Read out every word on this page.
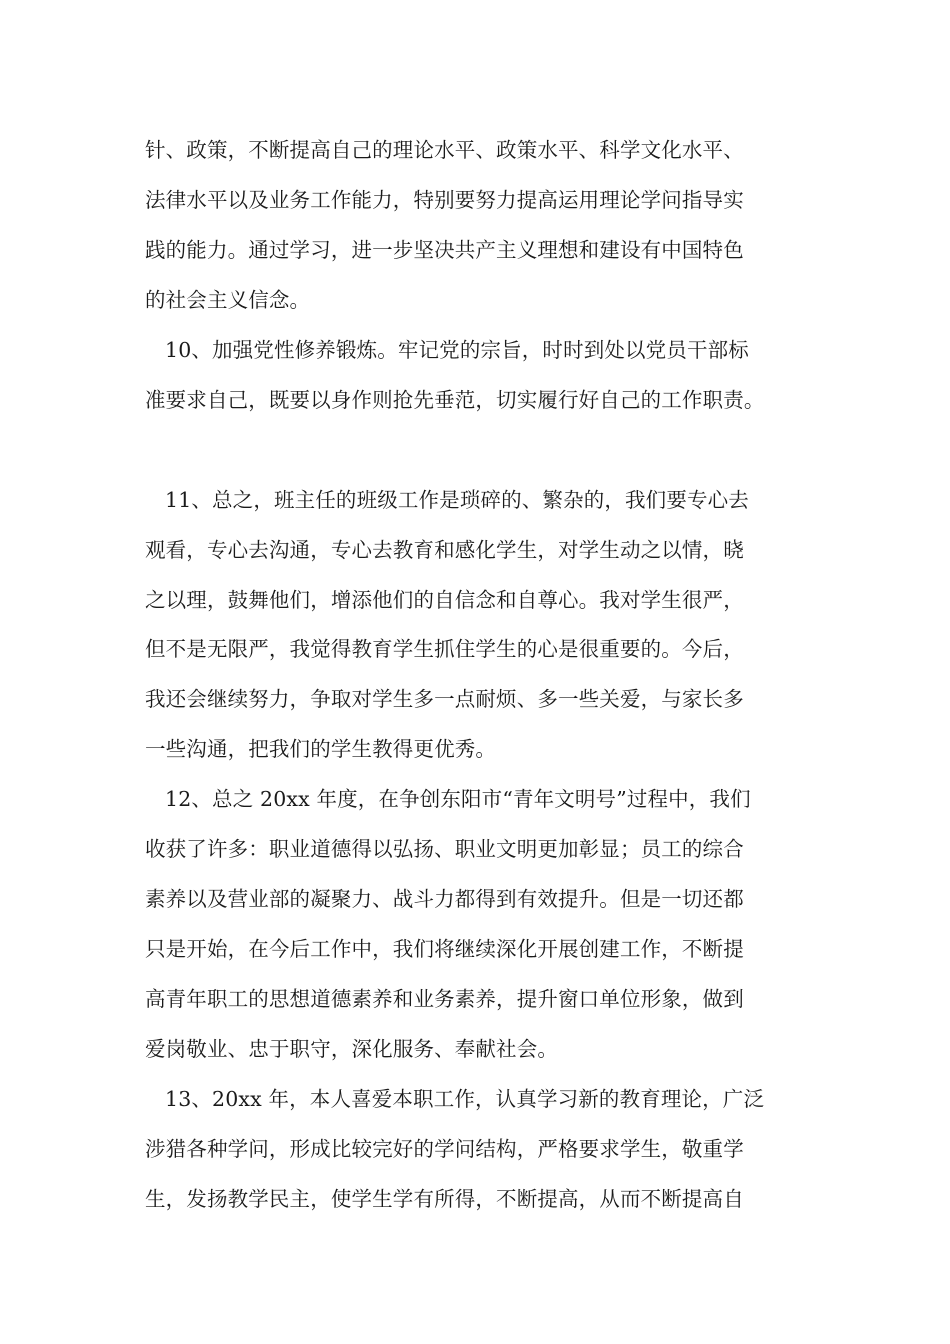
针、政策，不断提高自己的理论水平、政策水平、科学文化水平、

法律水平以及业务工作能力，特别要努力提高运用理论学问指导实

践的能力。通过学习，进一步坚决共产主义理想和建设有中国特色

的社会主义信念。

10、加强党性修养锻炼。牢记党的宗旨，时时到处以党员干部标

准要求自己，既要以身作则抢先垂范，切实履行好自己的工作职责。

11、总之，班主任的班级工作是琐碎的、繁杂的，我们要专心去

观看，专心去沟通，专心去教育和感化学生，对学生动之以情，晓

之以理，鼓舞他们，增添他们的自信念和自尊心。我对学生很严，

但不是无限严，我觉得教育学生抓住学生的心是很重要的。今后，

我还会继续努力，争取对学生多一点耐烦、多一些关爱，与家长多

一些沟通，把我们的学生教得更优秀。

12、总之 20xx 年度，在争创东阳市“青年文明号”过程中，我们

收获了许多：职业道德得以弘扬、职业文明更加彰显；员工的综合

素养以及营业部的凝聚力、战斗力都得到有效提升。但是一切还都

只是开始，在今后工作中，我们将继续深化开展创建工作，不断提

高青年职工的思想道德素养和业务素养，提升窗口单位形象，做到

爱岗敬业、忠于职守，深化服务、奉献社会。

13、20xx 年，本人喜爱本职工作，认真学习新的教育理论，广泛

涉猎各种学问，形成比较完好的学问结构，严格要求学生，敬重学

生，发扬教学民主，使学生学有所得，不断提高，从而不断提高自
